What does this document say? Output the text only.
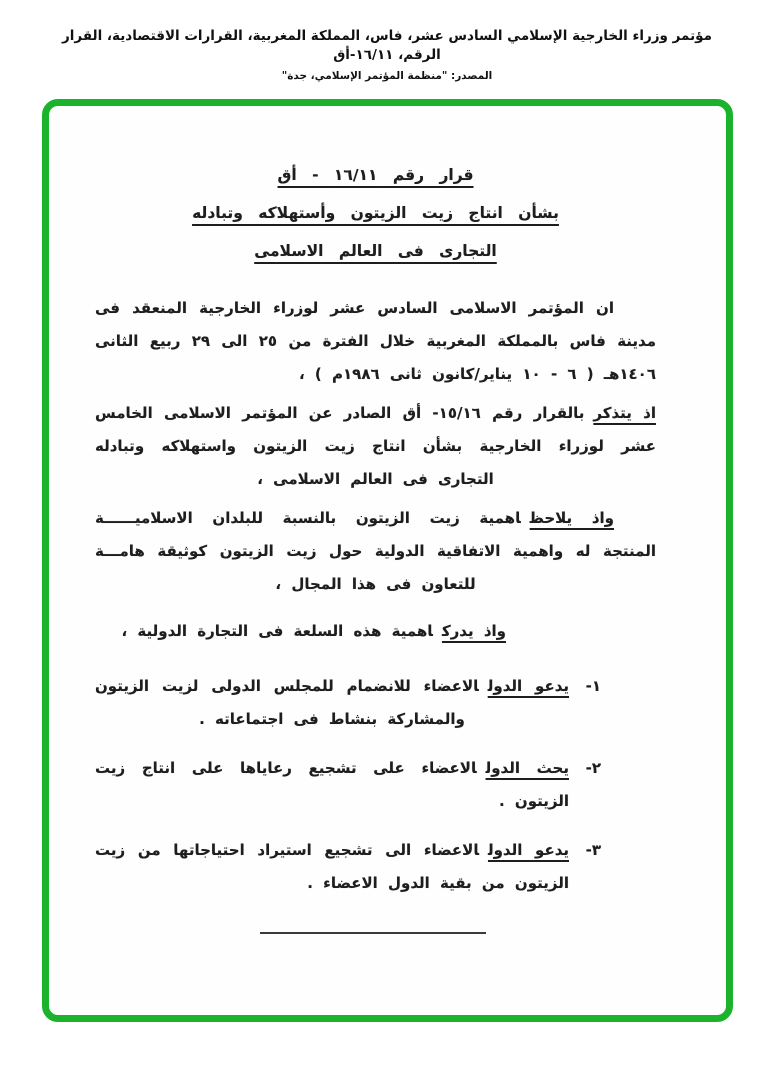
مؤتمر وزراء الخارجية الإسلامي السادس عشر، فاس، المملكة المغربية، القرارات الاقتصادية، القرار الرقم، ١٦/١١-أق
المصدر: "منظمة المؤتمر الإسلامي، جدة"
قرار رقم ١٦/١١ - أق
بشأن انتاج زيت الزيتون وأستهلاكه وتبادله
التجارى فى العالم الاسلامى

ان المؤتمر الاسلامى السادس عشر لوزراء الخارجية المنعقد فى مدينة فاس بالمملكة المغربية خلال الفترة من ٢٥ الى ٢٩ ربيع الثانى ١٤٠٦هـ ( ٦ - ١٠ يناير/كانون ثانى ١٩٨٦م ) ،

اذ يتذكربالقرار رقم ١٥/١٦- أق الصادر عن المؤتمر الاسلامى الخامس عشر لوزراء الخارجية بشأن انتاج زيت الزيتون واستهلاكه وتبادله التجارى فى العالم الاسلامى ،

واذ يلاحظاهمية زيت الزيتون بالنسبة للبلدان الاسلاميــــــة المنتجة له واهمية الاتفاقية الدولية حول زيت الزيتون كوثيقة هامـــة للتعاون فى هذا المجال ،

واذ يدركاهمية هذه السلعة فى التجارة الدولية ،

١-
يدعو الدولالاعضاء للانضمام للمجلس الدولى لزيت الزيتون والمشاركة بنشاط فى اجتماعاته .
٢-
يحث الدولالاعضاء على تشجيع رعاياها على انتاج زيت الزيتون .
٣-
يدعو الدولالاعضاء الى تشجيع استيراد احتياجاتها من زيت الزيتون من بقية الدول الاعضاء .
